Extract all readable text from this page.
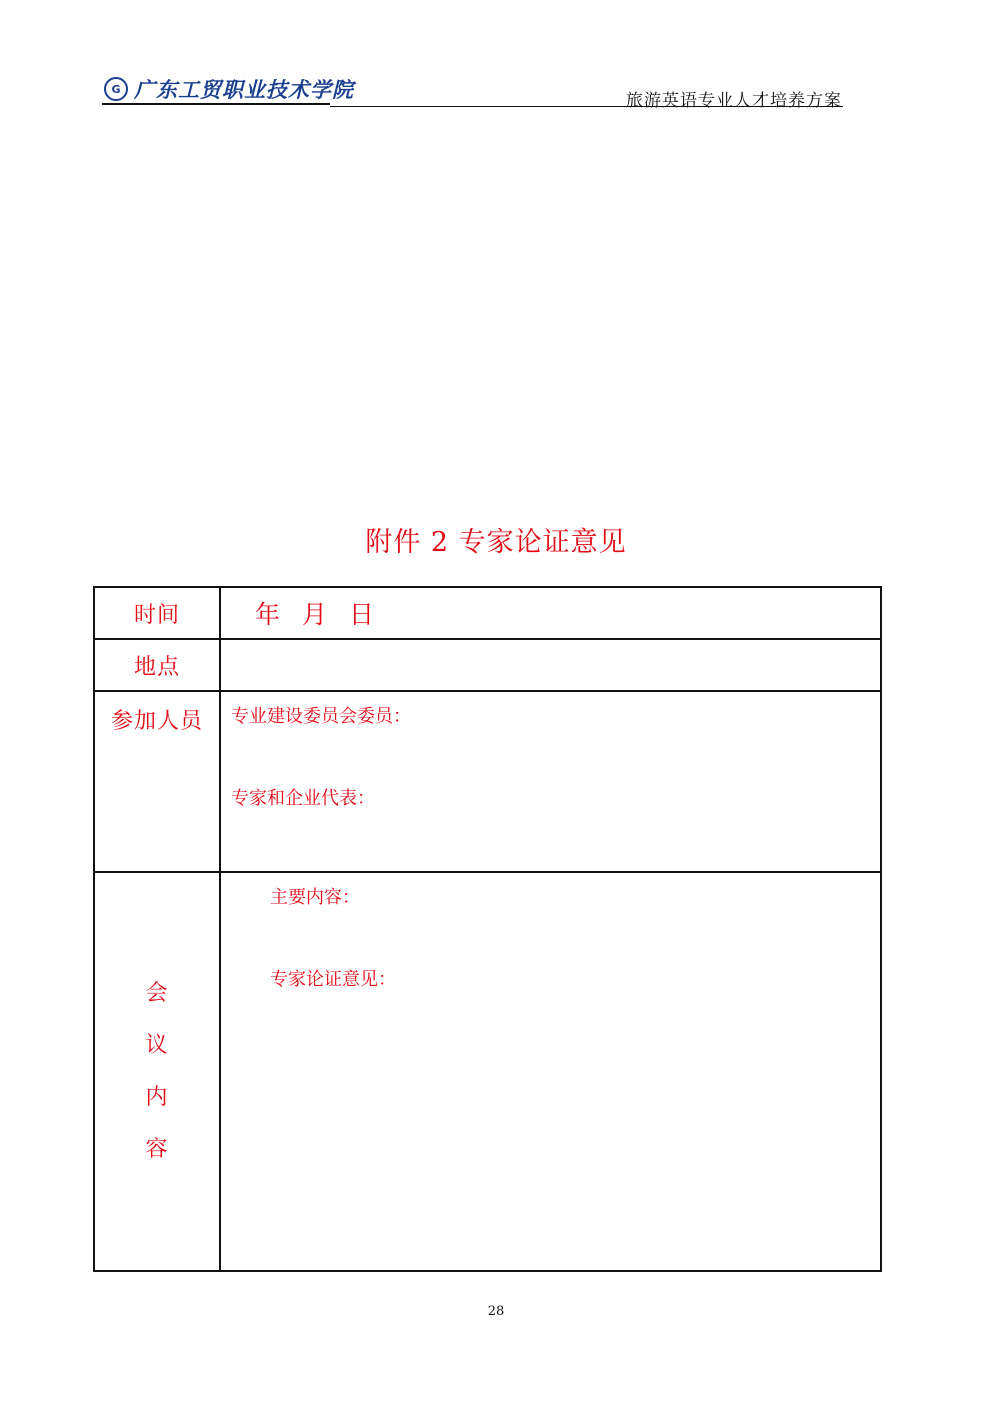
G 广东工贸职业技术学院	旅游英语专业人才培养方案
附件 2 专家论证意见
时间	年 月 日
地点	
参加人员	专业建设委员会委员：
专家和企业代表：

会
议
内
容	主要内容：
专家论证意见：
28
